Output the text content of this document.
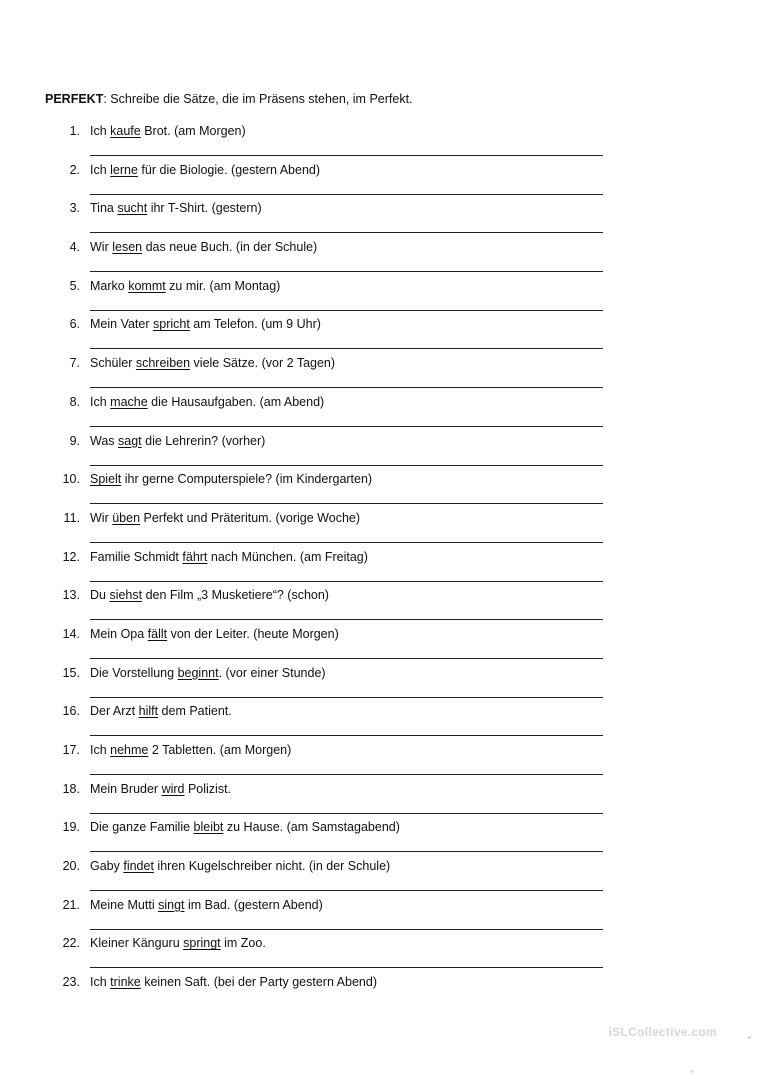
PERFEKT: Schreibe die Sätze, die im Präsens stehen, im Perfekt.
1. Ich kaufe Brot. (am Morgen)
2. Ich lerne für die Biologie. (gestern Abend)
3. Tina sucht ihr T-Shirt. (gestern)
4. Wir lesen das neue Buch. (in der Schule)
5. Marko kommt zu mir. (am Montag)
6. Mein Vater spricht am Telefon. (um 9 Uhr)
7. Schüler schreiben viele Sätze. (vor 2 Tagen)
8. Ich mache die Hausaufgaben. (am Abend)
9. Was sagt die Lehrerin? (vorher)
10. Spielt ihr gerne Computerspiele? (im Kindergarten)
11. Wir üben Perfekt und Präteritum. (vorige Woche)
12. Familie Schmidt fährt nach München. (am Freitag)
13. Du siehst den Film „3 Musketiere“? (schon)
14. Mein Opa fällt von der Leiter. (heute Morgen)
15. Die Vorstellung beginnt. (vor einer Stunde)
16. Der Arzt hilft dem Patient.
17. Ich nehme 2 Tabletten. (am Morgen)
18. Mein Bruder wird Polizist.
19. Die ganze Familie bleibt zu Hause. (am Samstagabend)
20. Gaby findet ihren Kugelschreiber nicht. (in der Schule)
21. Meine Mutti singt im Bad. (gestern Abend)
22. Kleiner Känguru springt im Zoo.
23. Ich trinke keinen Saft. (bei der Party gestern Abend)
iSLCollective.com
